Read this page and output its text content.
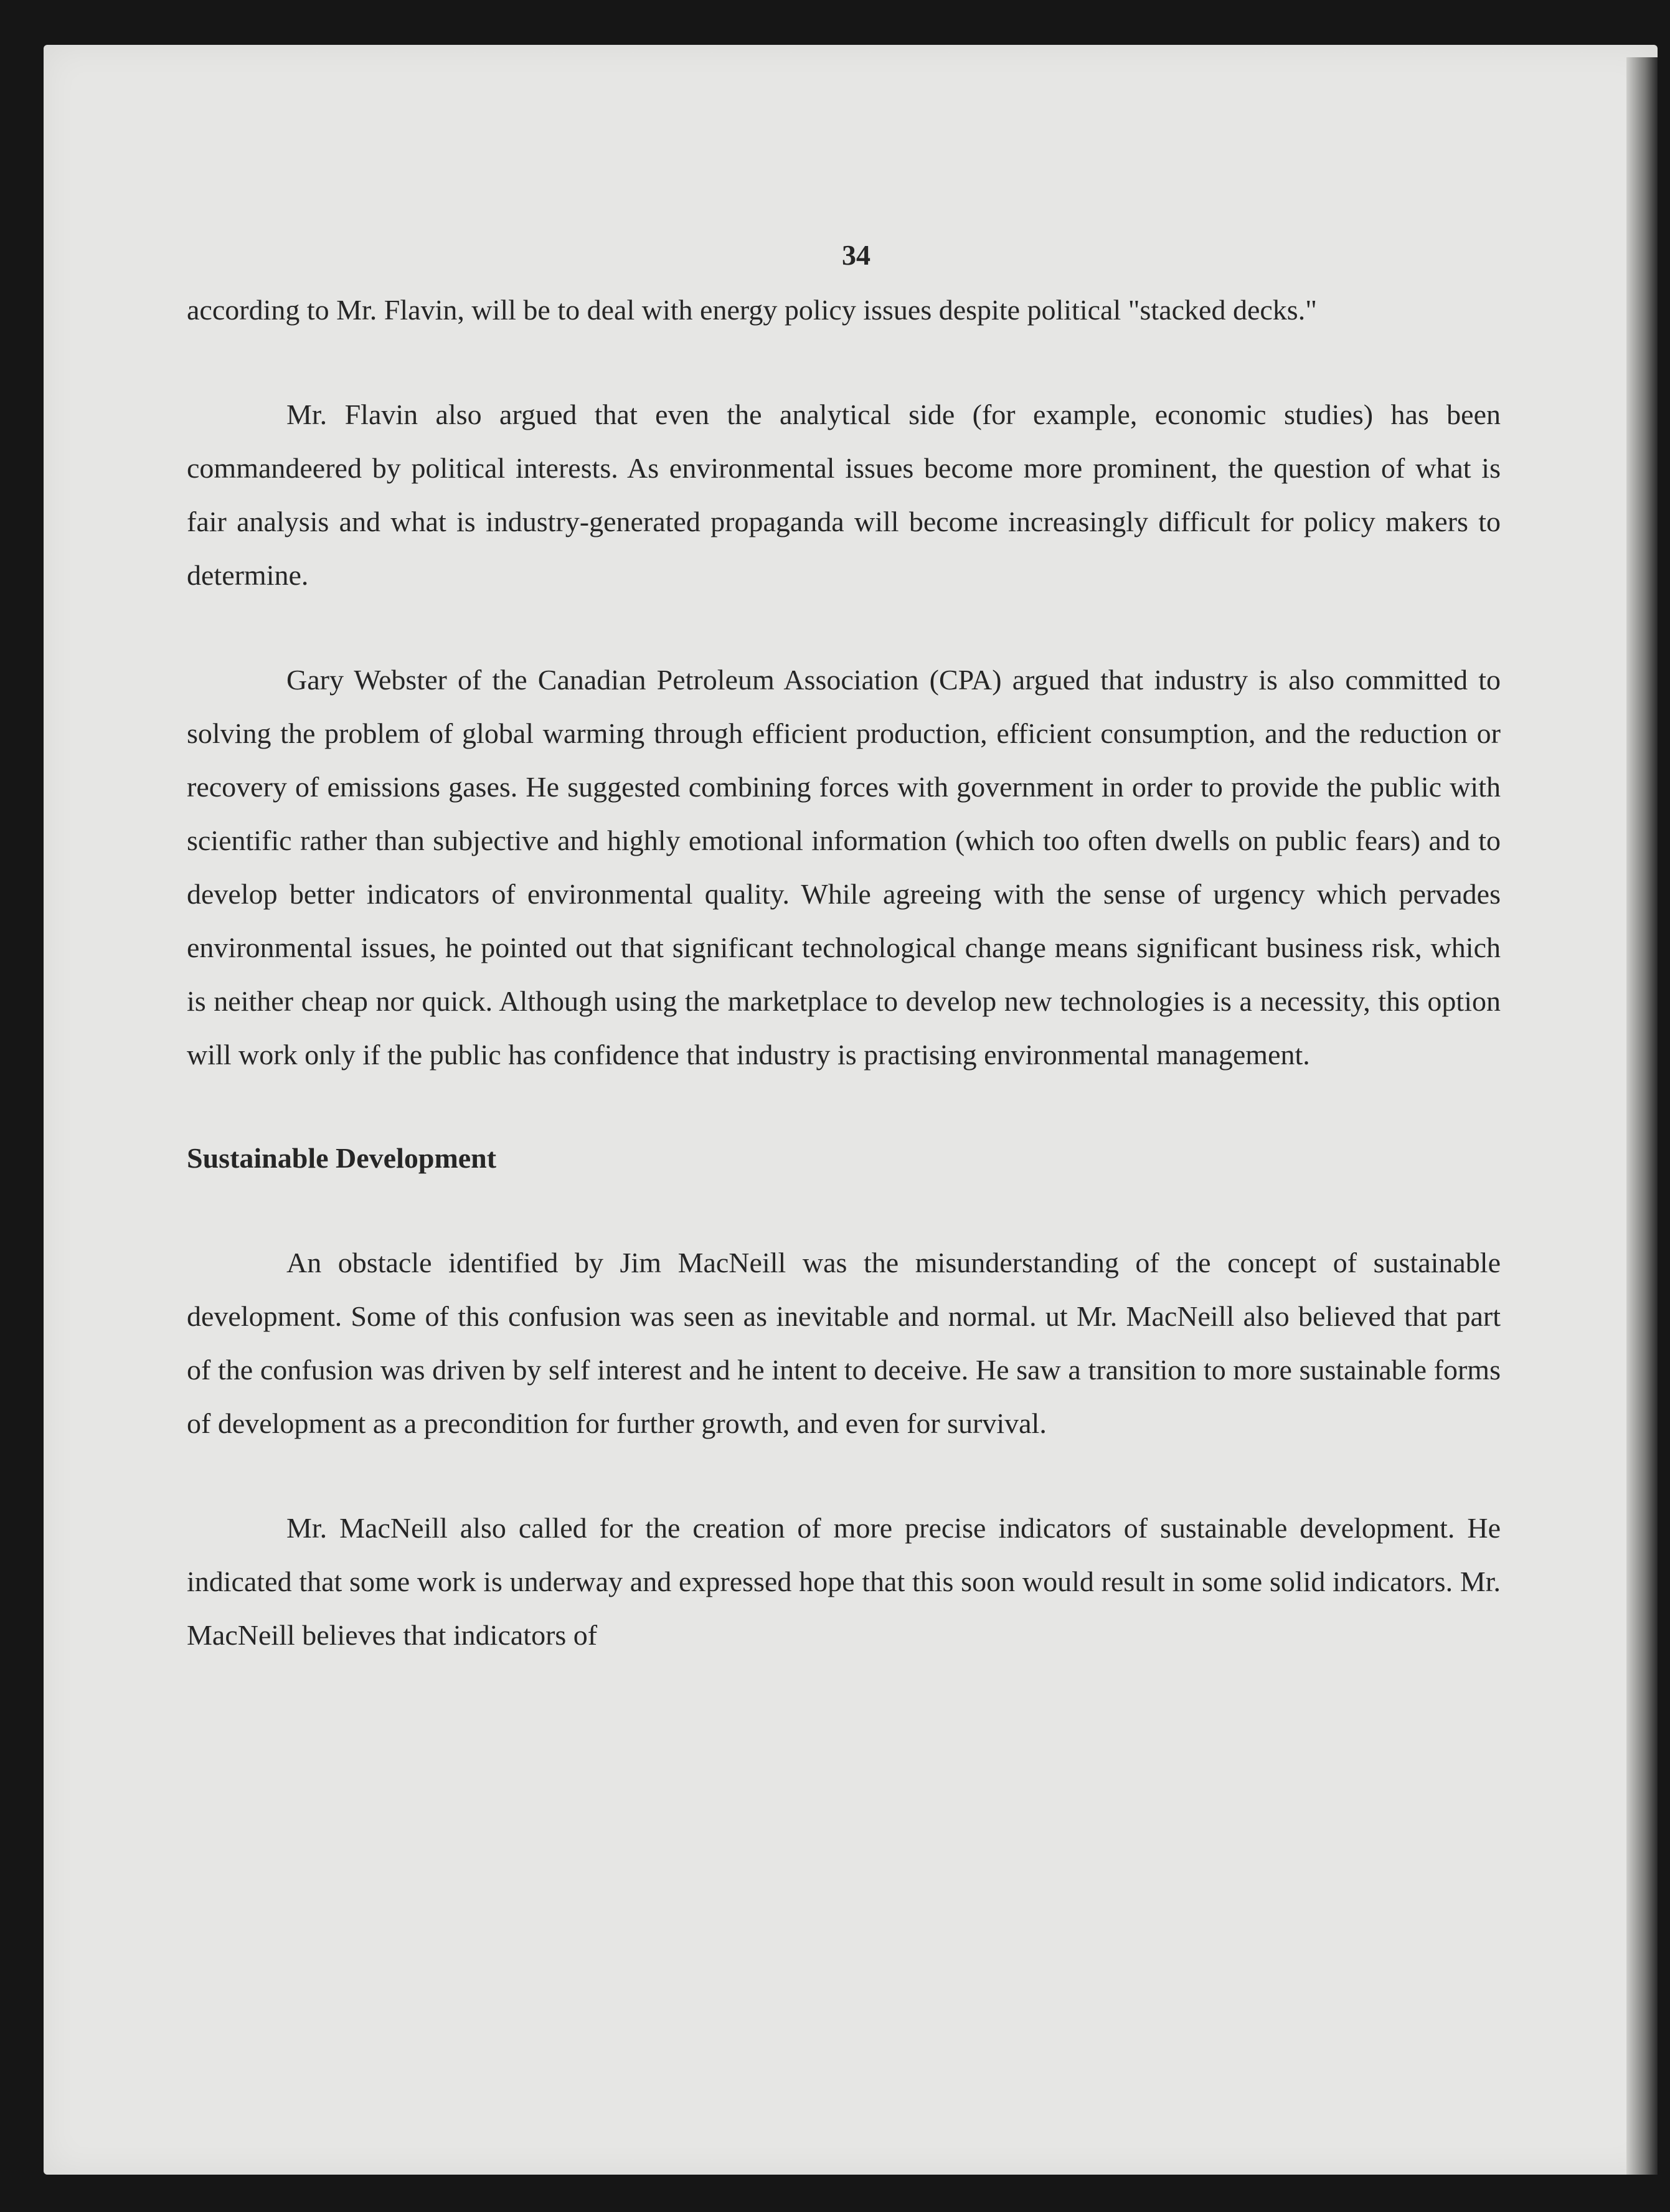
34

according to Mr. Flavin, will be to deal with energy policy issues despite political "stacked decks."

Mr. Flavin also argued that even the analytical side (for example, economic studies) has been commandeered by political interests. As environmental issues become more prominent, the question of what is fair analysis and what is industry-generated propaganda will become increasingly difficult for policy makers to determine.

Gary Webster of the Canadian Petroleum Association (CPA) argued that industry is also committed to solving the problem of global warming through efficient production, efficient consumption, and the reduction or recovery of emissions gases. He suggested combining forces with government in order to provide the public with scientific rather than subjective and highly emotional information (which too often dwells on public fears) and to develop better indicators of environmental quality. While agreeing with the sense of urgency which pervades environmental issues, he pointed out that significant technological change means significant business risk, which is neither cheap nor quick. Although using the marketplace to develop new technologies is a necessity, this option will work only if the public has confidence that industry is practising environmental management.

Sustainable Development

An obstacle identified by Jim MacNeill was the misunderstanding of the concept of sustainable development. Some of this confusion was seen as inevitable and normal. ut Mr. MacNeill also believed that part of the confusion was driven by self interest and he intent to deceive. He saw a transition to more sustainable forms of development as a precondition for further growth, and even for survival.

Mr. MacNeill also called for the creation of more precise indicators of sustainable development. He indicated that some work is underway and expressed hope that this soon would result in some solid indicators. Mr. MacNeill believes that indicators of
